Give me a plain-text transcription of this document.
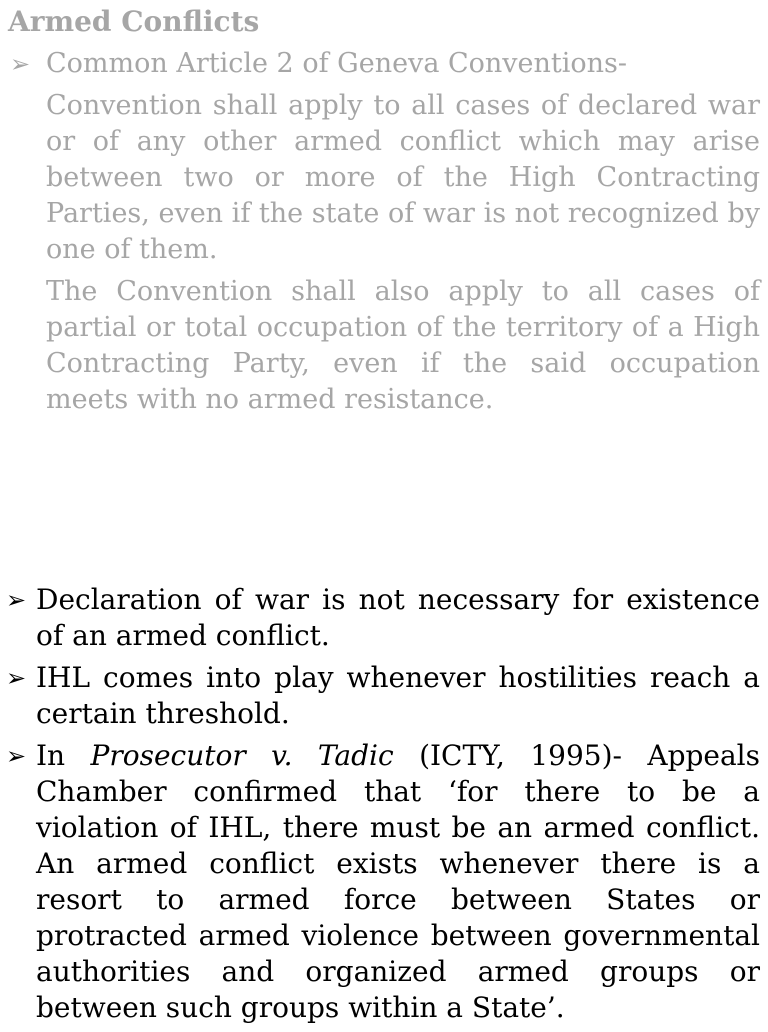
Armed Conflicts
➢ Common Article 2 of Geneva Conventions-
Convention shall apply to all cases of declared war or of any other armed conflict which may arise between two or more of the High Contracting Parties, even if the state of war is not recognized by one of them.
The Convention shall also apply to all cases of partial or total occupation of the territory of a High Contracting Party, even if the said occupation meets with no armed resistance.
➢ Declaration of war is not necessary for existence of an armed conflict.
➢ IHL comes into play whenever hostilities reach a certain threshold.
➢ In Prosecutor v. Tadic (ICTY, 1995)- Appeals Chamber confirmed that ‘for there to be a violation of IHL, there must be an armed conflict. An armed conflict exists whenever there is a resort to armed force between States or protracted armed violence between governmental authorities and organized armed groups or between such groups within a State’.
